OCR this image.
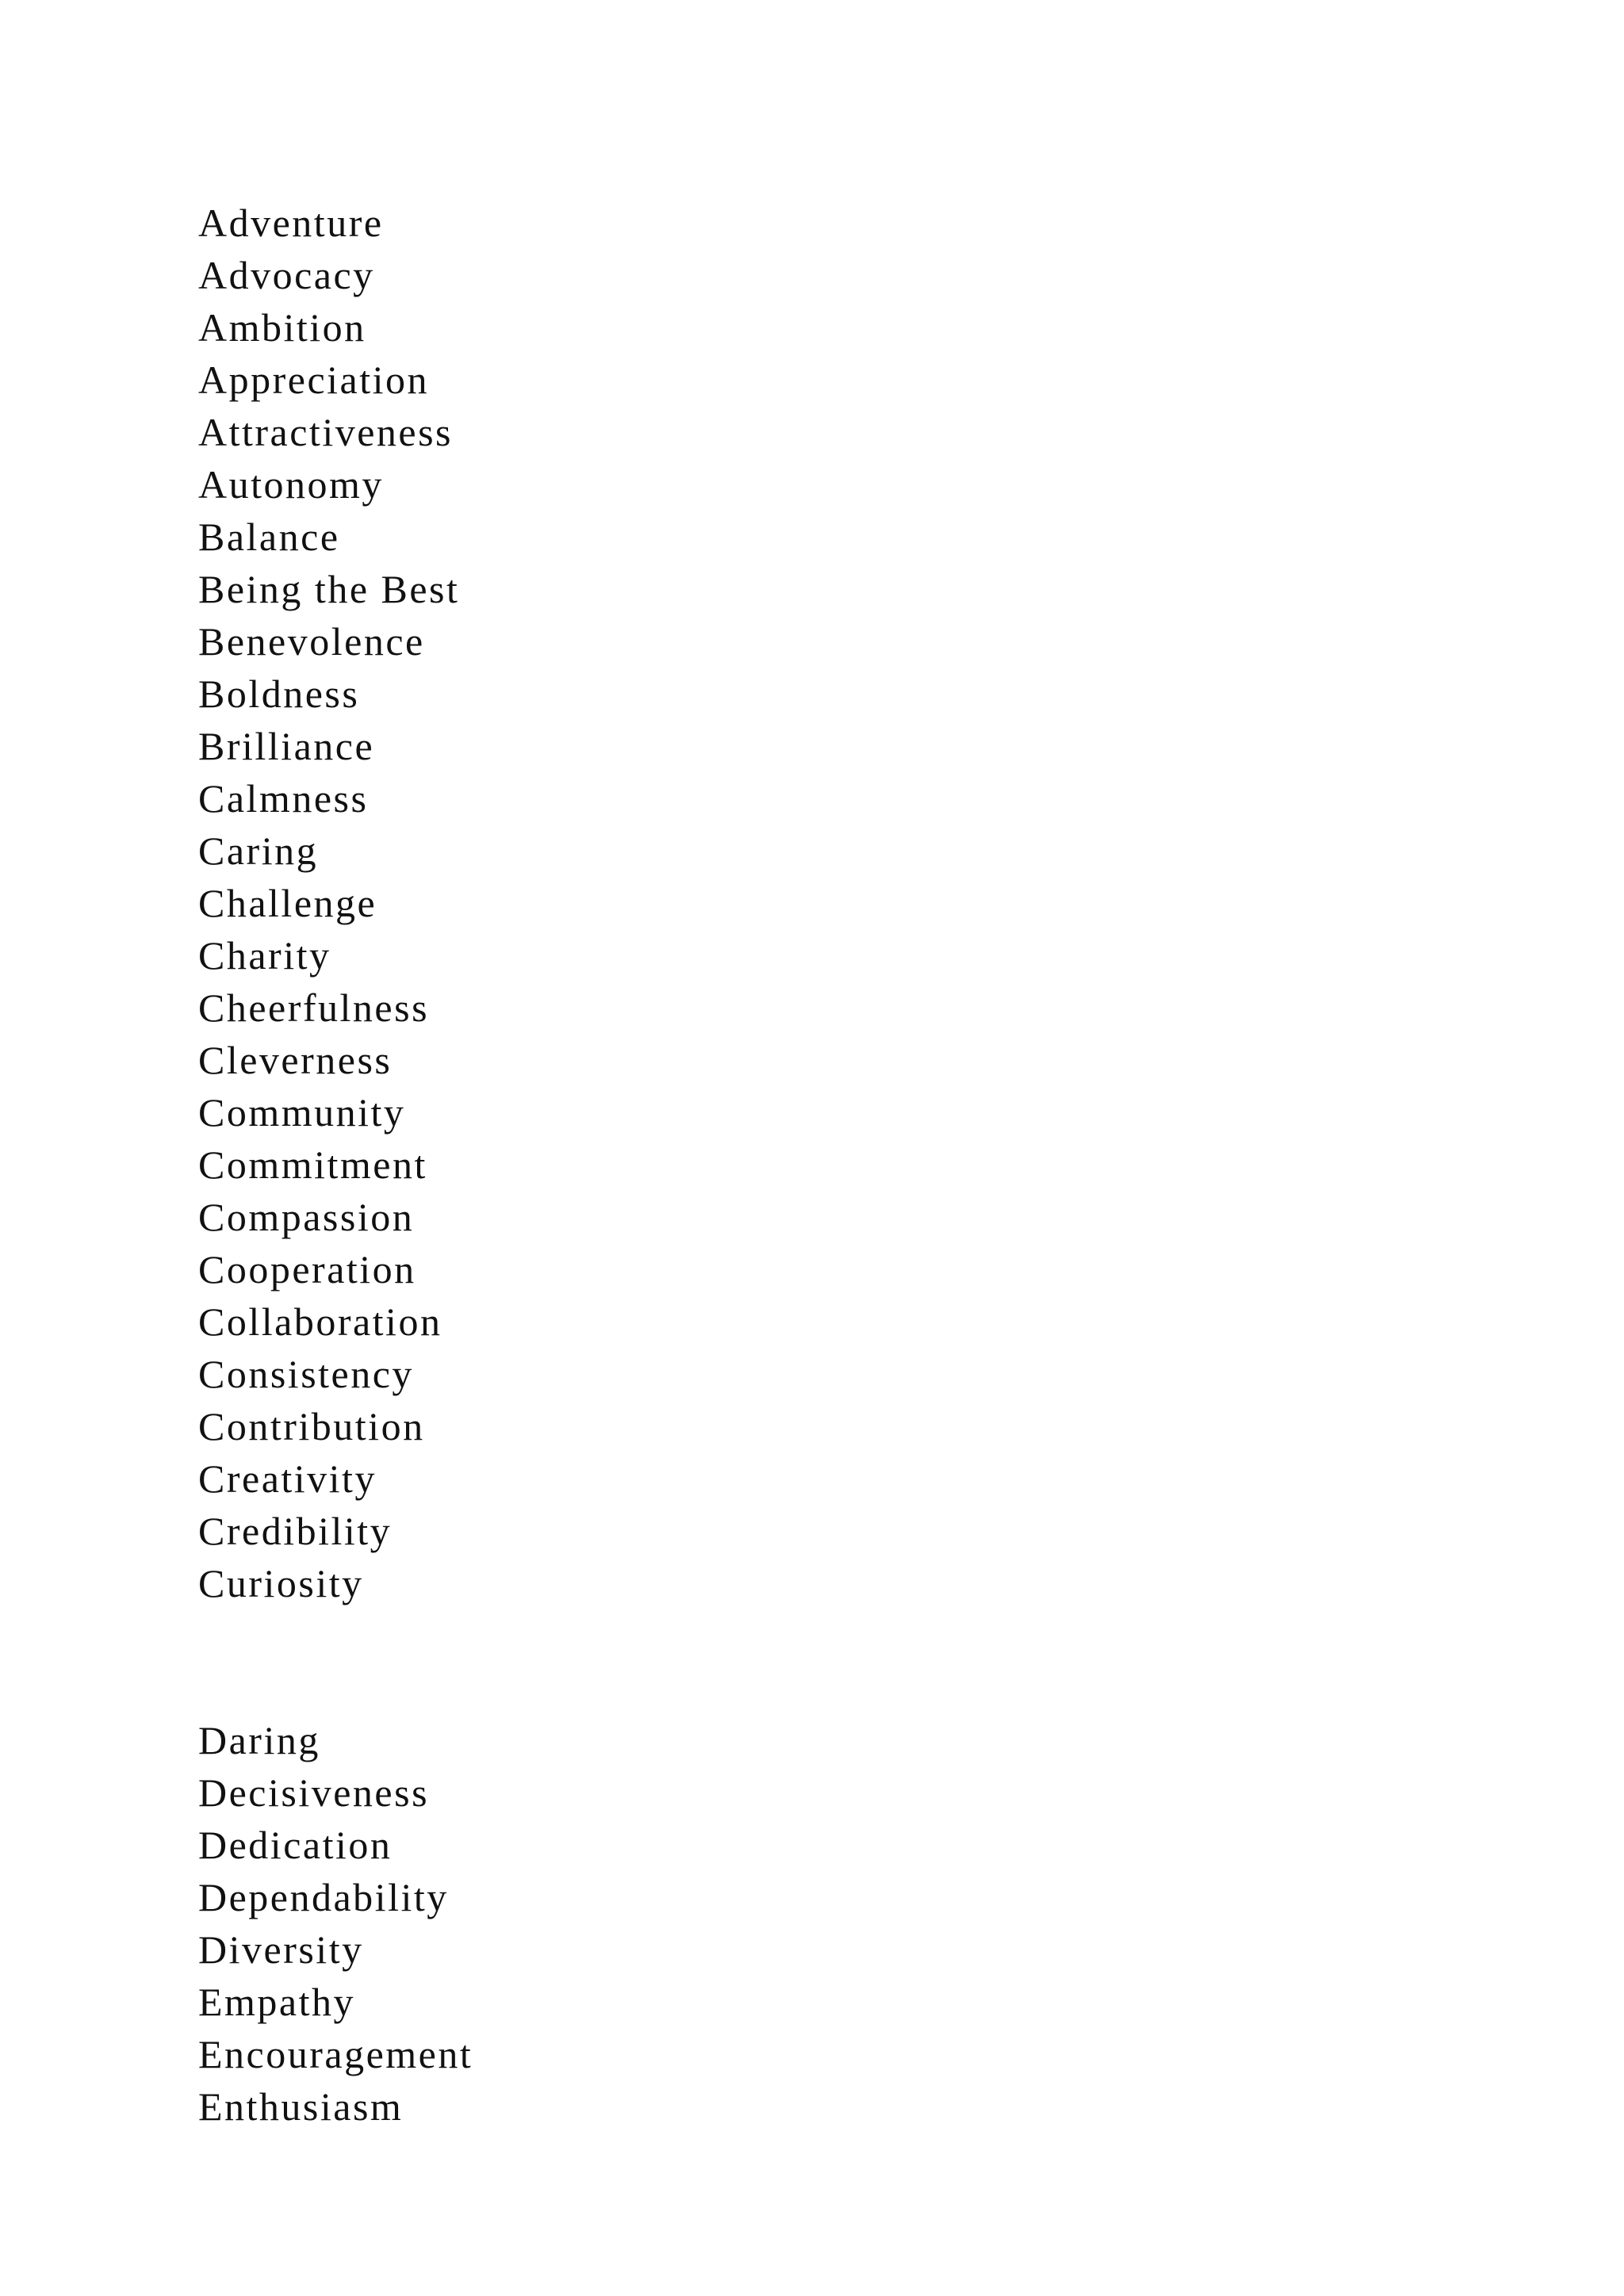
Adventure
Advocacy
Ambition
Appreciation
Attractiveness
Autonomy
Balance
Being the Best
Benevolence
Boldness
Brilliance
Calmness
Caring
Challenge
Charity
Cheerfulness
Cleverness
Community
Commitment
Compassion
Cooperation
Collaboration
Consistency
Contribution
Creativity
Credibility
Curiosity
Daring
Decisiveness
Dedication
Dependability
Diversity
Empathy
Encouragement
Enthusiasm
